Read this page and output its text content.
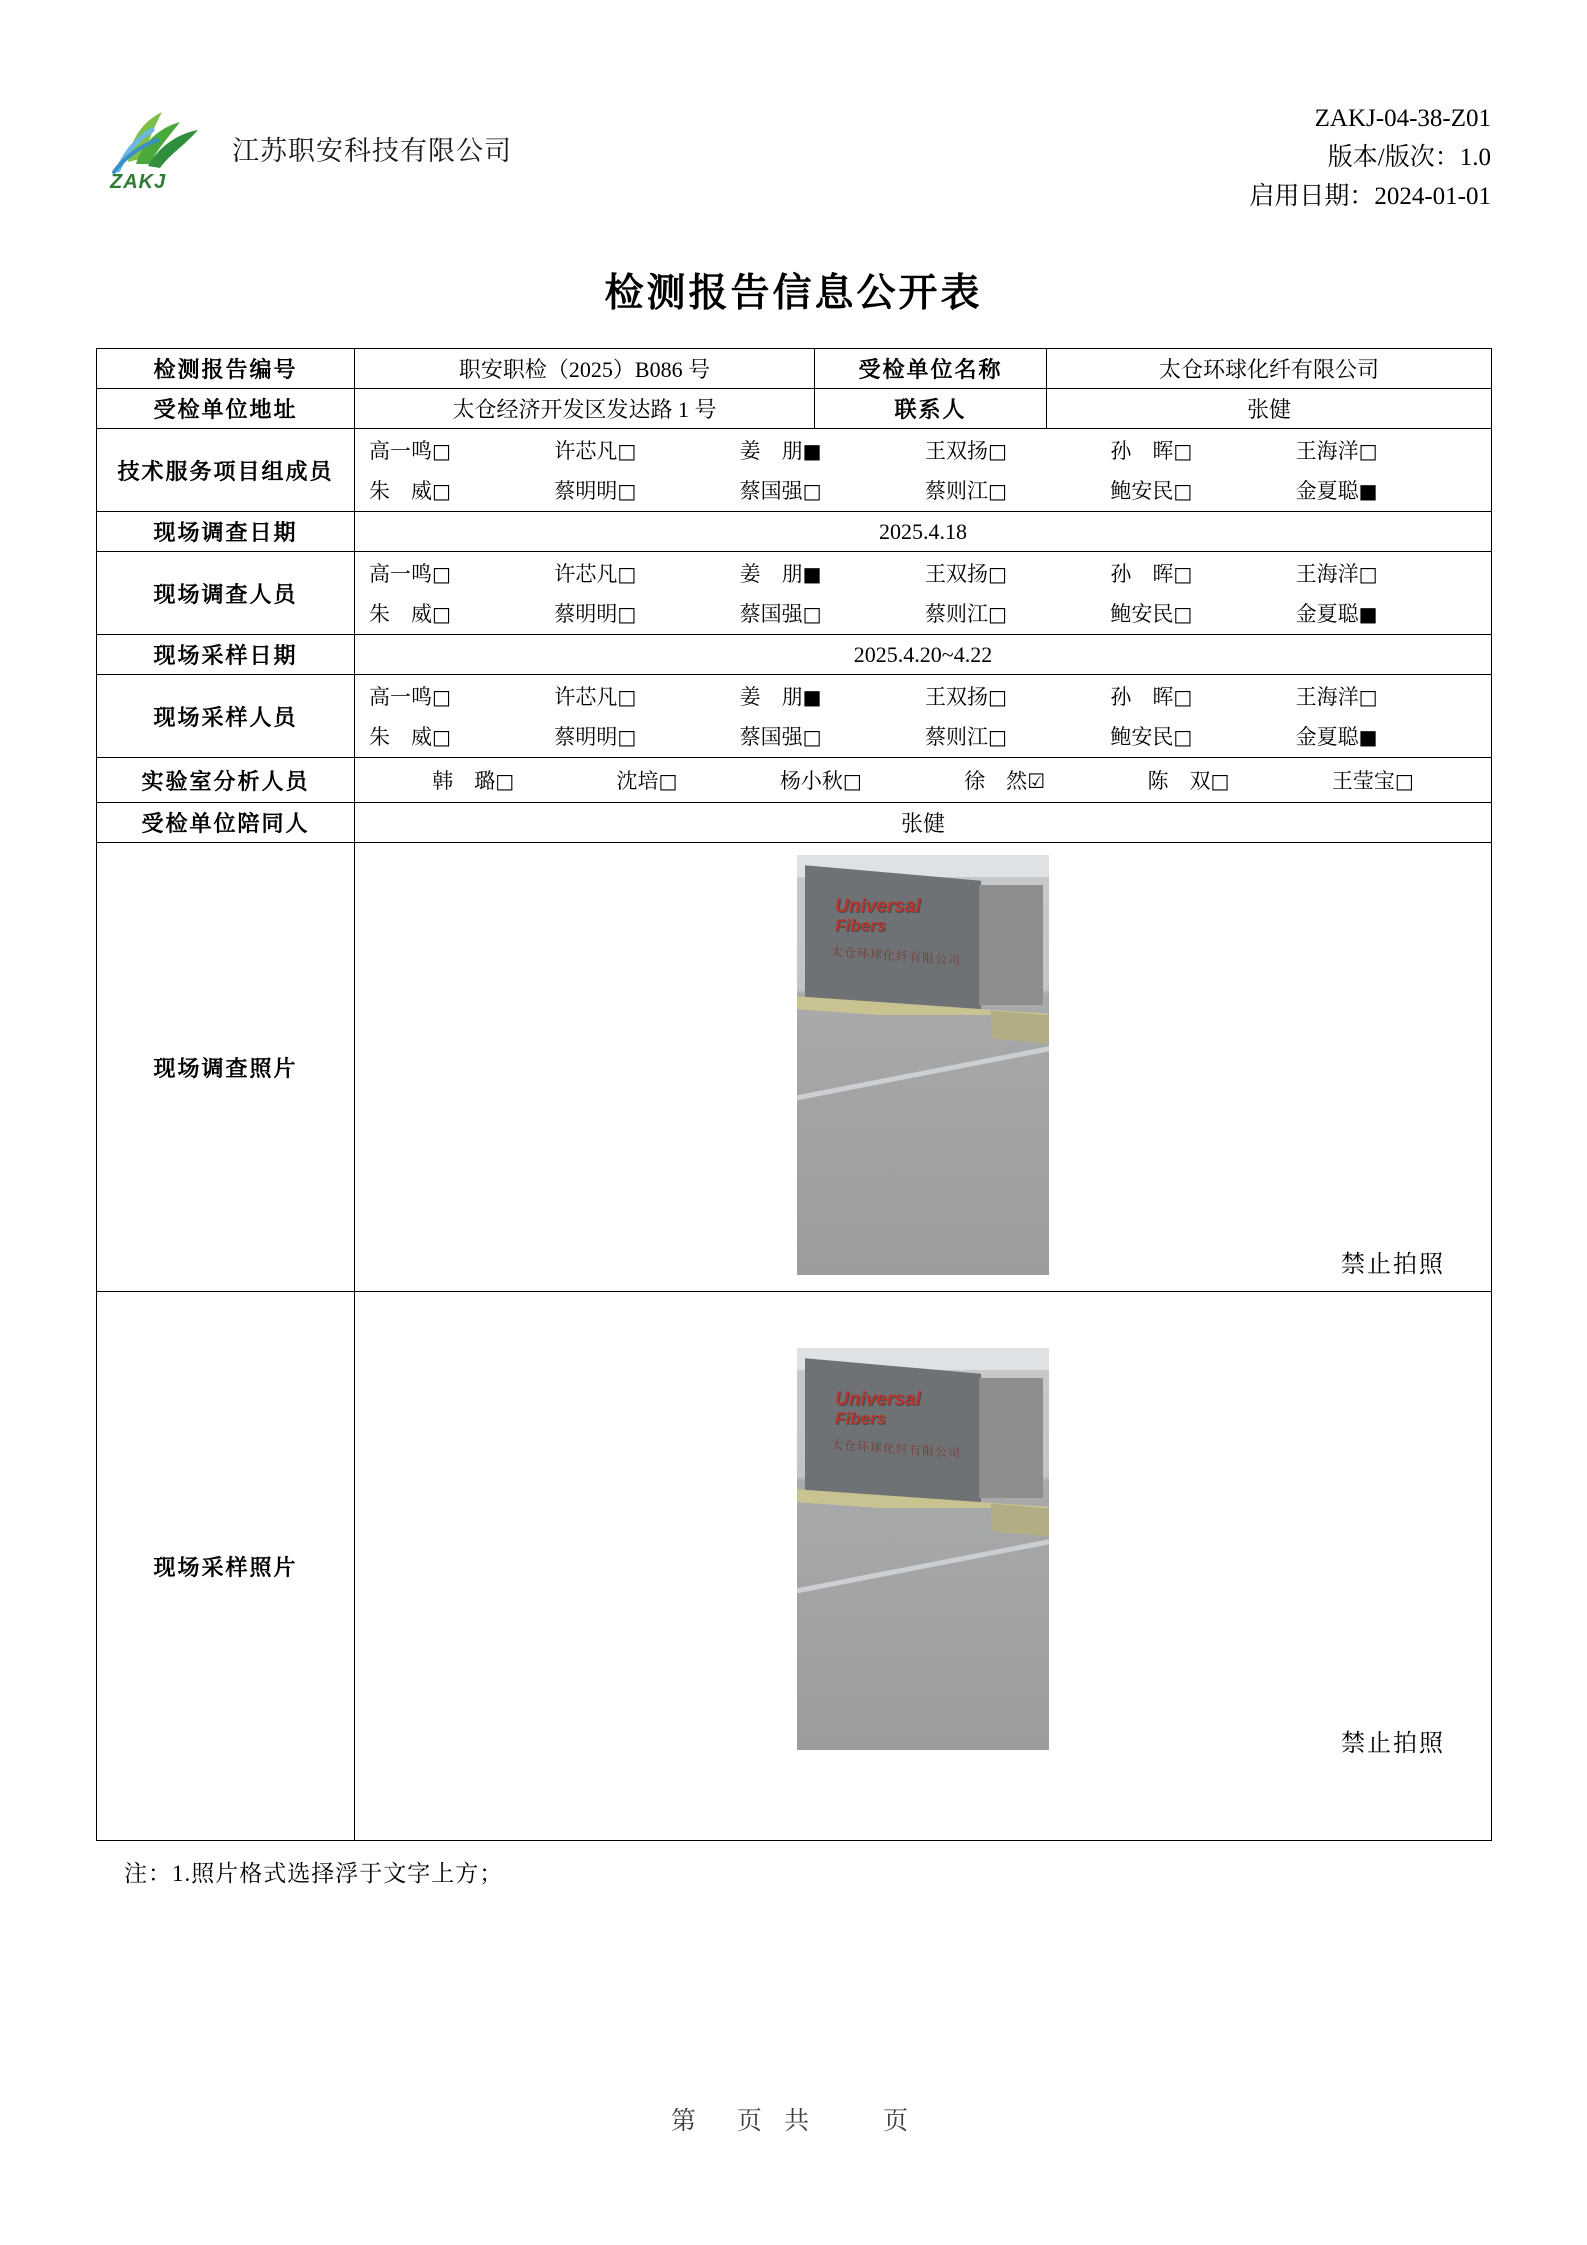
ZAKJ
江苏职安科技有限公司
ZAKJ-04-38-Z01
版本/版次：1.0
启用日期：2024-01-01
检测报告信息公开表
检测报告编号	职安职检（2025）B086 号	受检单位名称	太仓环球化纤有限公司
受检单位地址	太仓经济开发区发达路 1 号	联系人	张健
技术服务项目组成员	
高一鸣□	许芯凡□	姜　朋■	王双扬□	孙　晖□	王海洋□
朱　威□	蔡明明□	蔡国强□	蔡则江□	鲍安民□	金夏聪■

现场调查日期	2025.4.18		
现场调查人员	
高一鸣□	许芯凡□	姜　朋■	王双扬□	孙　晖□	王海洋□
朱　威□	蔡明明□	蔡国强□	蔡则江□	鲍安民□	金夏聪■

现场采样日期	2025.4.20~4.22		
现场采样人员	
高一鸣□	许芯凡□	姜　朋■	王双扬□	孙　晖□	王海洋□
朱　威□	蔡明明□	蔡国强□	蔡则江□	鲍安民□	金夏聪■

实验室分析人员	韩　璐□	沈培□	杨小秋□	徐　然☑	陈　双□	王莹宝□

受检单位陪同人	张健		
现场调查照片	Universal
Fibers
太仓环球化纤有限公司
禁止拍照		

现场采样照片	Universal
Fibers
太仓环球化纤有限公司
禁止拍照		
注：1.照片格式选择浮于文字上方；
第　页 共　　页
